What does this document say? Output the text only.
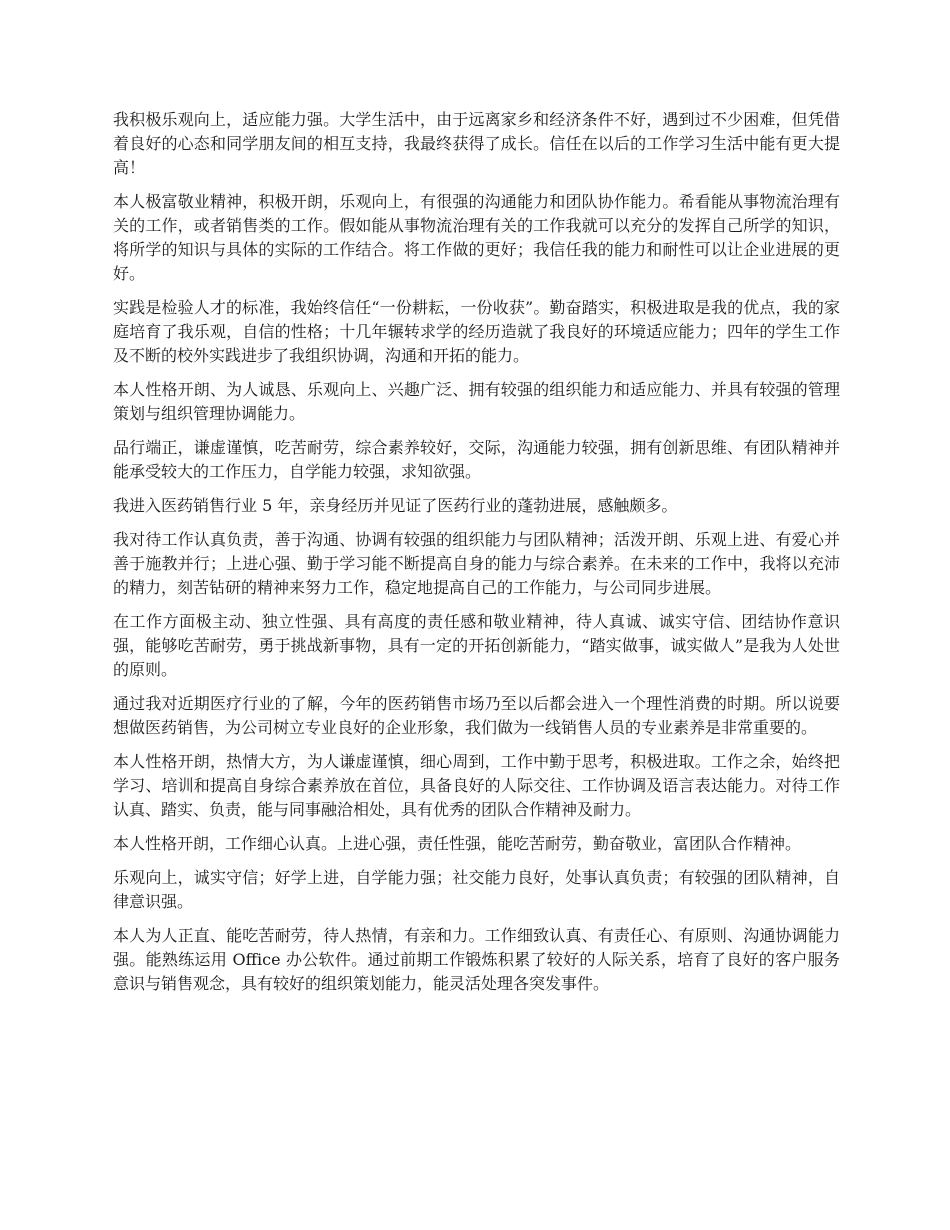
我积极乐观向上，适应能力强。大学生活中，由于远离家乡和经济条件不好，遇到过不少困难，但凭借着良好的心态和同学朋友间的相互支持，我最终获得了成长。信任在以后的工作学习生活中能有更大提高！

本人极富敬业精神，积极开朗，乐观向上，有很强的沟通能力和团队协作能力。希看能从事物流治理有关的工作，或者销售类的工作。假如能从事物流治理有关的工作我就可以充分的发挥自己所学的知识，将所学的知识与具体的实际的工作结合。将工作做的更好；我信任我的能力和耐性可以让企业进展的更好。

实践是检验人才的标准，我始终信任“一份耕耘，一份收获”。勤奋踏实，积极进取是我的优点，我的家庭培育了我乐观，自信的性格；十几年辗转求学的经历造就了我良好的环境适应能力；四年的学生工作及不断的校外实践进步了我组织协调，沟通和开拓的能力。

本人性格开朗、为人诚恳、乐观向上、兴趣广泛、拥有较强的组织能力和适应能力、并具有较强的管理策划与组织管理协调能力。

品行端正，谦虚谨慎，吃苦耐劳，综合素养较好，交际，沟通能力较强，拥有创新思维、有团队精神并能承受较大的工作压力，自学能力较强，求知欲强。

我进入医药销售行业 5 年，亲身经历并见证了医药行业的蓬勃进展，感触颇多。

我对待工作认真负责，善于沟通、协调有较强的组织能力与团队精神；活泼开朗、乐观上进、有爱心并善于施教并行；上进心强、勤于学习能不断提高自身的能力与综合素养。在未来的工作中，我将以充沛的精力，刻苦钻研的精神来努力工作，稳定地提高自己的工作能力，与公司同步进展。

在工作方面极主动、独立性强、具有高度的责任感和敬业精神，待人真诚、诚实守信、团结协作意识强，能够吃苦耐劳，勇于挑战新事物，具有一定的开拓创新能力，“踏实做事，诚实做人”是我为人处世的原则。

通过我对近期医疗行业的了解，今年的医药销售市场乃至以后都会进入一个理性消费的时期。所以说要想做医药销售，为公司树立专业良好的企业形象，我们做为一线销售人员的专业素养是非常重要的。

本人性格开朗，热情大方，为人谦虚谨慎，细心周到，工作中勤于思考，积极进取。工作之余，始终把学习、培训和提高自身综合素养放在首位，具备良好的人际交往、工作协调及语言表达能力。对待工作认真、踏实、负责，能与同事融洽相处，具有优秀的团队合作精神及耐力。

本人性格开朗，工作细心认真。上进心强，责任性强，能吃苦耐劳，勤奋敬业，富团队合作精神。

乐观向上，诚实守信；好学上进，自学能力强；社交能力良好，处事认真负责；有较强的团队精神，自律意识强。

本人为人正直、能吃苦耐劳，待人热情，有亲和力。工作细致认真、有责任心、有原则、沟通协调能力强。能熟练运用 Office 办公软件。通过前期工作锻炼积累了较好的人际关系，培育了良好的客户服务意识与销售观念，具有较好的组织策划能力，能灵活处理各突发事件。
